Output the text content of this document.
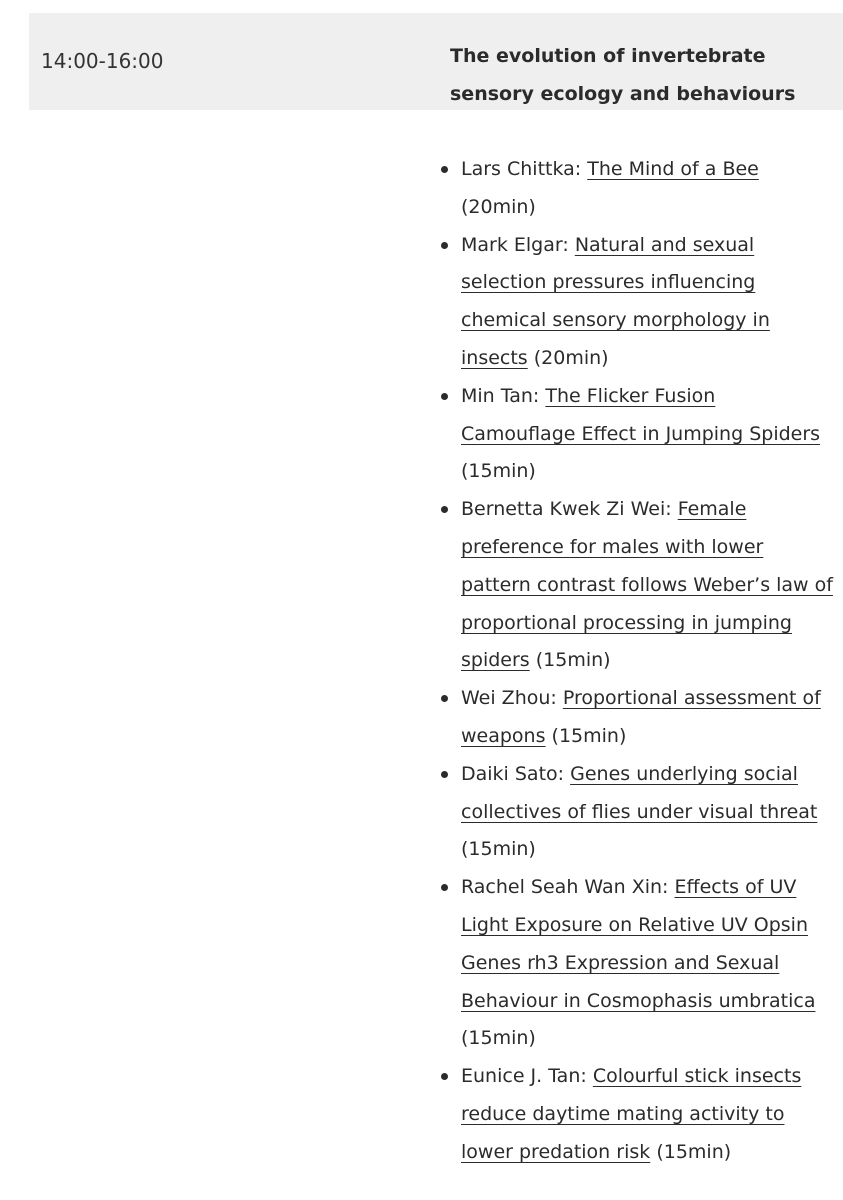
14:00-16:00	The evolution of invertebrate sensory ecology and behaviours
Lars Chittka: The Mind of a Bee (20min)
Mark Elgar: Natural and sexual selection pressures influencing chemical sensory morphology in insects (20min)
Min Tan: The Flicker Fusion Camouflage Effect in Jumping Spiders (15min)
Bernetta Kwek Zi Wei: Female preference for males with lower pattern contrast follows Weber’s law of proportional processing in jumping spiders (15min)
Wei Zhou: Proportional assessment of weapons (15min)
Daiki Sato: Genes underlying social collectives of flies under visual threat (15min)
Rachel Seah Wan Xin: Effects of UV Light Exposure on Relative UV Opsin Genes rh3 Expression and Sexual Behaviour in Cosmophasis umbratica (15min)
Eunice J. Tan: Colourful stick insects reduce daytime mating activity to lower predation risk (15min)
